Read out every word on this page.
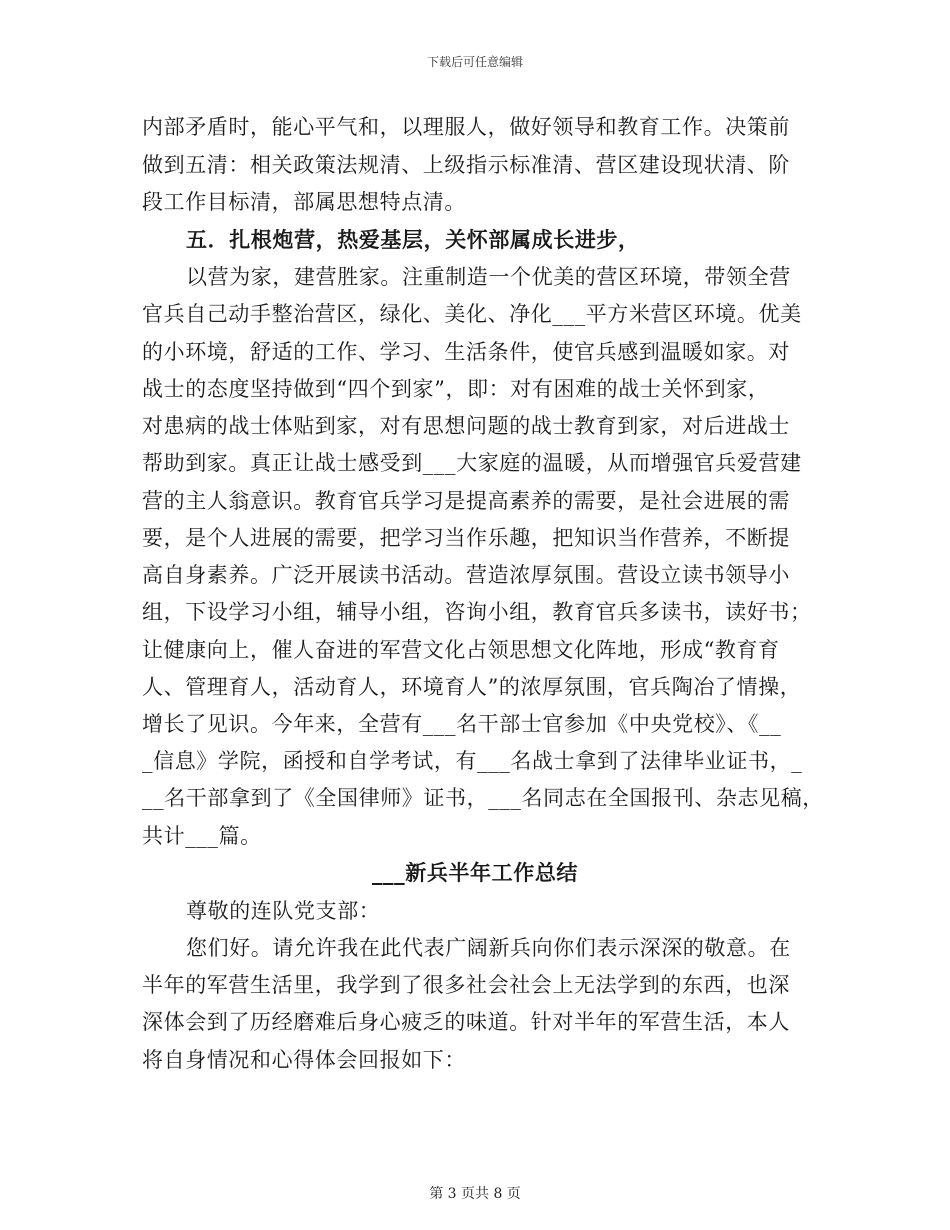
下载后可任意编辑
内部矛盾时，能心平气和，以理服人，做好领导和教育工作。决策前
做到五清：相关政策法规清、上级指示标准清、营区建设现状清、阶
段工作目标清，部属思想特点清。
五．扎根炮营，热爱基层，关怀部属成长进步，
以营为家，建营胜家。注重制造一个优美的营区环境，带领全营
官兵自己动手整治营区，绿化、美化、净化___平方米营区环境。优美
的小环境，舒适的工作、学习、生活条件，使官兵感到温暖如家。对
战士的态度坚持做到“四个到家”，即：对有困难的战士关怀到家，
对患病的战士体贴到家，对有思想问题的战士教育到家，对后进战士
帮助到家。真正让战士感受到___大家庭的温暖，从而增强官兵爱营建
营的主人翁意识。教育官兵学习是提高素养的需要，是社会进展的需
要，是个人进展的需要，把学习当作乐趣，把知识当作营养，不断提
高自身素养。广泛开展读书活动。营造浓厚氛围。营设立读书领导小
组，下设学习小组，辅导小组，咨询小组，教育官兵多读书，读好书；
让健康向上，催人奋进的军营文化占领思想文化阵地，形成“教育育
人、管理育人，活动育人，环境育人”的浓厚氛围，官兵陶冶了情操，
增长了见识。今年来，全营有___名干部士官参加《中央党校》、《__
_信息》学院，函授和自学考试，有___名战士拿到了法律毕业证书，_
__名干部拿到了《全国律师》证书，___名同志在全国报刊、杂志见稿，
共计___篇。
___新兵半年工作总结
尊敬的连队党支部：
您们好。请允许我在此代表广阔新兵向你们表示深深的敬意。在
半年的军营生活里，我学到了很多社会社会上无法学到的东西，也深
深体会到了历经磨难后身心疲乏的味道。针对半年的军营生活，本人
将自身情况和心得体会回报如下：
第 3 页共 8 页
